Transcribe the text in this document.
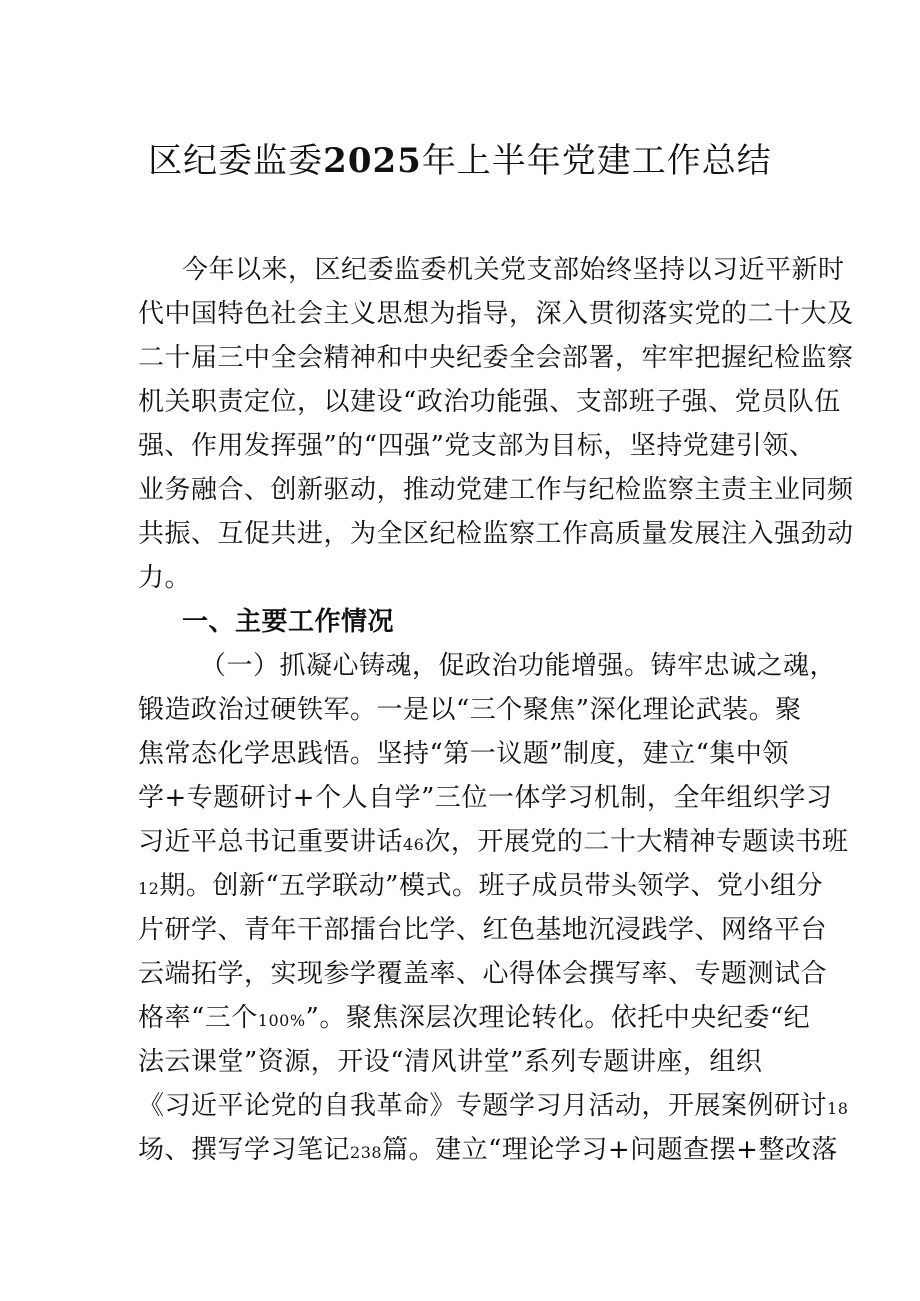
区纪委监委2025年上半年党建工作总结
今年以来，区纪委监委机关党支部始终坚持以习近平新时
代中国特色社会主义思想为指导，深入贯彻落实党的二十大及
二十届三中全会精神和中央纪委全会部署，牢牢把握纪检监察
机关职责定位，以建设“政治功能强、支部班子强、党员队伍
强、作用发挥强”的“四强”党支部为目标，坚持党建引领、
业务融合、创新驱动，推动党建工作与纪检监察主责主业同频
共振、互促共进，为全区纪检监察工作高质量发展注入强劲动
力。
一、主要工作情况
（一）抓凝心铸魂，促政治功能增强。铸牢忠诚之魂，
锻造政治过硬铁军。一是以“三个聚焦”深化理论武装。聚
焦常态化学思践悟。坚持“第一议题”制度，建立“集中领
学+专题研讨+个人自学”三位一体学习机制，全年组织学习
习近平总书记重要讲话46次，开展党的二十大精神专题读书班
12期。创新“五学联动”模式。班子成员带头领学、党小组分
片研学、青年干部擂台比学、红色基地沉浸践学、网络平台
云端拓学，实现参学覆盖率、心得体会撰写率、专题测试合
格率“三个100%”。聚焦深层次理论转化。依托中央纪委“纪
法云课堂”资源，开设“清风讲堂”系列专题讲座，组织
《习近平论党的自我革命》专题学习月活动，开展案例研讨18
场、撰写学习笔记238篇。建立“理论学习+问题查摆+整改落
